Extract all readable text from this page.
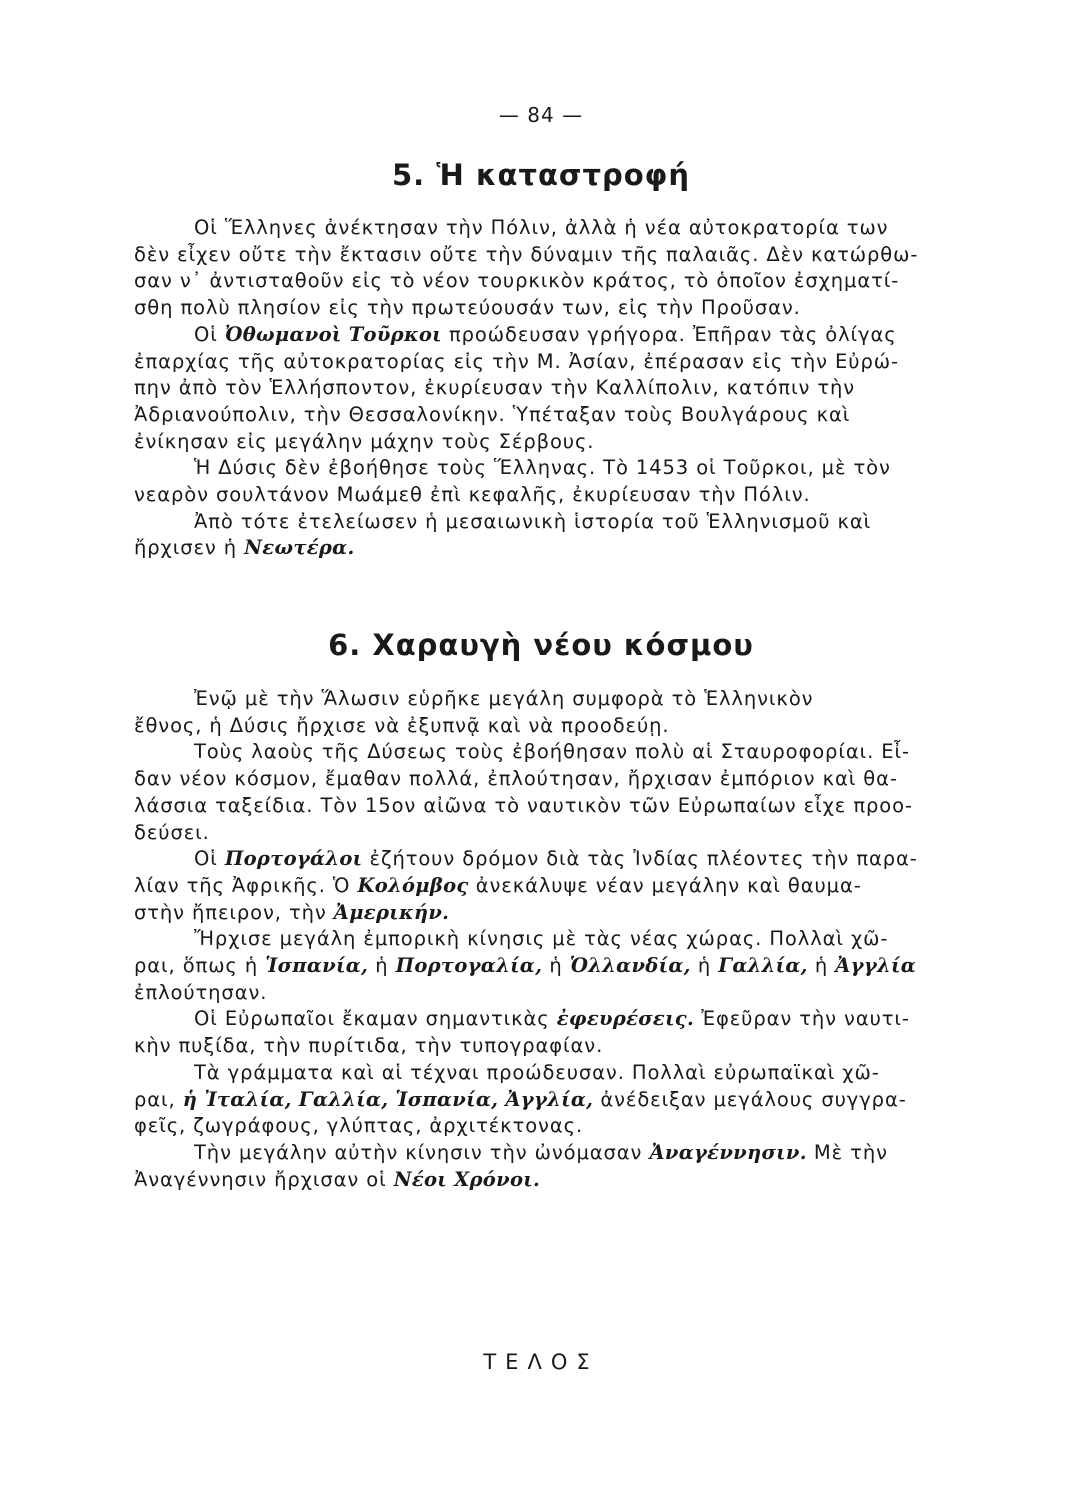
— 84 —
5. Ἡ καταστροφή

Οἱ Ἕλληνες ἀνέκτησαν τὴν Πόλιν, ἀλλὰ ἡ νέα αὐτοκρατορία των
δὲν εἶχεν οὔτε τὴν ἔκτασιν οὔτε τὴν δύναμιν τῆς παλαιᾶς. Δὲν κατώρθω-
σαν ν᾽ ἀντισταθοῦν εἰς τὸ νέον τουρκικὸν κράτος, τὸ ὁποῖον ἐσχηματί-
σθη πολὺ πλησίον εἰς τὴν πρωτεύουσάν των, εἰς τὴν Προῦσαν.

Οἱ Ὀθωμανοὶ Τοῦρκοι προώδευσαν γρήγορα. Ἐπῆραν τὰς ὀλίγας
ἐπαρχίας τῆς αὐτοκρατορίας εἰς τὴν Μ. Ἀσίαν, ἐπέρασαν εἰς τὴν Εὐρώ-
πην ἀπὸ τὸν Ἑλλήσποντον, ἐκυρίευσαν τὴν Καλλίπολιν, κατόπιν τὴν
Ἀδριανούπολιν, τὴν Θεσσαλονίκην. Ὑπέταξαν τοὺς Βουλγάρους καὶ
ἐνίκησαν εἰς μεγάλην μάχην τοὺς Σέρβους.

Ἡ Δύσις δὲν ἐβοήθησε τοὺς Ἕλληνας. Τὸ 1453 οἱ Τοῦρκοι, μὲ τὸν
νεαρὸν σουλτάνον Μωάμεθ ἐπὶ κεφαλῆς, ἐκυρίευσαν τὴν Πόλιν.

Ἀπὸ τότε ἐτελείωσεν ἡ μεσαιωνικὴ ἱστορία τοῦ Ἑλληνισμοῦ καὶ
ἤρχισεν ἡ Νεωτέρα.

6. Χαραυγὴ νέου κόσμου

Ἐνῷ μὲ τὴν Ἅλωσιν εὑρῆκε μεγάλη συμφορὰ τὸ Ἑλληνικὸν
ἔθνος, ἡ Δύσις ἤρχισε νὰ ἐξυπνᾷ καὶ νὰ προοδεύῃ.

Τοὺς λαοὺς τῆς Δύσεως τοὺς ἐβοήθησαν πολὺ αἱ Σταυροφορίαι. Εἶ-
δαν νέον κόσμον, ἔμαθαν πολλά, ἐπλούτησαν, ἤρχισαν ἐμπόριον καὶ θα-
λάσσια ταξείδια. Τὸν 15ον αἰῶνα τὸ ναυτικὸν τῶν Εὐρωπαίων εἶχε προο-
δεύσει.

Οἱ Πορτογάλοι ἐζήτουν δρόμον διὰ τὰς Ἰνδίας πλέοντες τὴν παρα-
λίαν τῆς Ἀφρικῆς. Ὁ Κολόμβος ἀνεκάλυψε νέαν μεγάλην καὶ θαυμα-
στὴν ἤπειρον, τὴν Ἀμερικήν.

Ἤρχισε μεγάλη ἐμπορικὴ κίνησις μὲ τὰς νέας χώρας. Πολλαὶ χῶ-
ραι, ὅπως ἡ Ἱσπανία, ἡ Πορτογαλία, ἡ Ὁλλανδία, ἡ Γαλλία, ἡ Ἀγγλία
ἐπλούτησαν.

Οἱ Εὐρωπαῖοι ἔκαμαν σημαντικὰς ἐφευρέσεις. Ἐφεῦραν τὴν ναυτι-
κὴν πυξίδα, τὴν πυρίτιδα, τὴν τυπογραφίαν.

Τὰ γράμματα καὶ αἱ τέχναι προώδευσαν. Πολλαὶ εὐρωπαϊκαὶ χῶ-
ραι, ἡ Ἰταλία, Γαλλία, Ἱσπανία, Ἀγγλία, ἀνέδειξαν μεγάλους συγγρα-
φεῖς, ζωγράφους, γλύπτας, ἀρχιτέκτονας.

Τὴν μεγάλην αὐτὴν κίνησιν τὴν ὠνόμασαν Ἀναγέννησιν. Μὲ τὴν
Ἀναγέννησιν ἤρχισαν οἱ Νέοι Χρόνοι.

ΤΕΛΟΣ
